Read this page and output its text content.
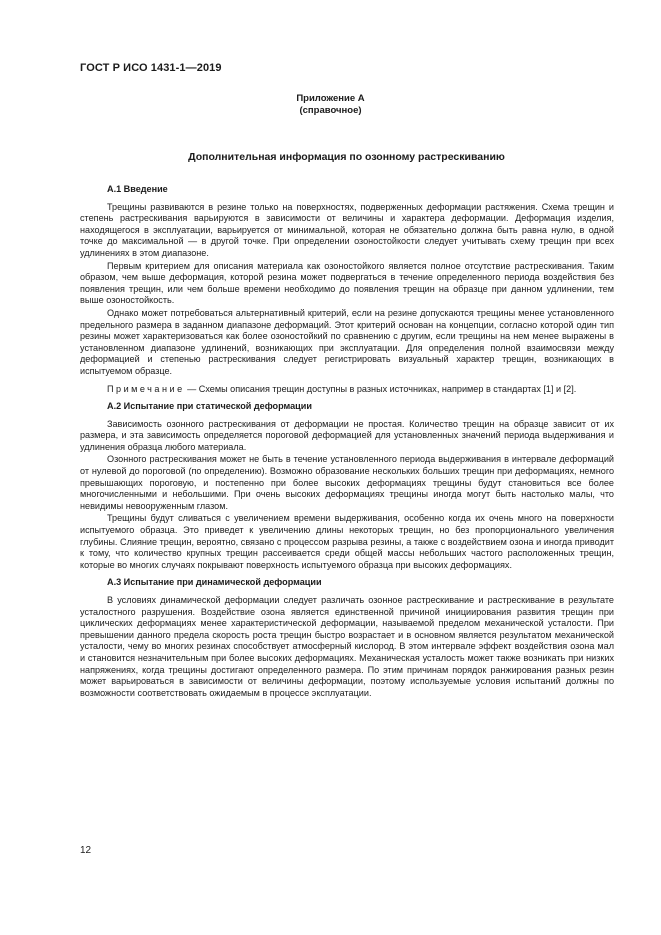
ГОСТ Р ИСО 1431-1—2019
Приложение А
(справочное)
Дополнительная информация по озонному растрескиванию
А.1 Введение

Трещины развиваются в резине только на поверхностях, подверженных деформации растяжения. Схема трещин и степень растрескивания варьируются в зависимости от величины и характера деформации. Деформация изделия, находящегося в эксплуатации, варьируется от минимальной, которая не обязательно должна быть равна нулю, в одной точке до максимальной — в другой точке. При определении озоностойкости следует учитывать схему трещин при всех удлинениях в этом диапазоне.

Первым критерием для описания материала как озоностойкого является полное отсутствие растрескивания. Таким образом, чем выше деформация, которой резина может подвергаться в течение определенного периода воздействия без появления трещин, или чем больше времени необходимо до появления трещин на образце при данном удлинении, тем выше озоностойкость.

Однако может потребоваться альтернативный критерий, если на резине допускаются трещины менее установленного предельного размера в заданном диапазоне деформаций. Этот критерий основан на концепции, согласно которой один тип резины может характеризоваться как более озоностойкий по сравнению с другим, если трещины на нем менее выражены в установленном диапазоне удлинений, возникающих при эксплуатации. Для определения полной взаимосвязи между деформацией и степенью растрескивания следует регистрировать визуальный характер трещин, возникающих в испытуемом образце.

Примечание — Схемы описания трещин доступны в разных источниках, например в стандартах [1] и [2].

А.2 Испытание при статической деформации

Зависимость озонного растрескивания от деформации не простая. Количество трещин на образце зависит от их размера, и эта зависимость определяется пороговой деформацией для установленных значений периода выдерживания и удлинения образца любого материала.

Озонного растрескивания может не быть в течение установленного периода выдерживания в интервале деформаций от нулевой до пороговой (по определению). Возможно образование нескольких больших трещин при деформациях, немного превышающих пороговую, и постепенно при более высоких деформациях трещины будут становиться все более многочисленными и небольшими. При очень высоких деформациях трещины иногда могут быть настолько малы, что невидимы невооруженным глазом.

Трещины будут сливаться с увеличением времени выдерживания, особенно когда их очень много на поверхности испытуемого образца. Это приведет к увеличению длины некоторых трещин, но без пропорционального увеличения глубины. Слияние трещин, вероятно, связано с процессом разрыва резины, а также с воздействием озона и иногда приводит к тому, что количество крупных трещин рассеивается среди общей массы небольших частого расположенных трещин, которые во многих случаях покрывают поверхность испытуемого образца при высоких деформациях.

А.3 Испытание при динамической деформации

В условиях динамической деформации следует различать озонное растрескивание и растрескивание в результате усталостного разрушения. Воздействие озона является единственной причиной инициирования развития трещин при циклических деформациях менее характеристической деформации, называемой пределом механической усталости. При превышении данного предела скорость роста трещин быстро возрастает и в основном является результатом механической усталости, чему во многих резинах способствует атмосферный кислород. В этом интервале эффект воздействия озона мал и становится незначительным при более высоких деформациях. Механическая усталость может также возникать при низких напряжениях, когда трещины достигают определенного размера. По этим причинам порядок ранжирования разных резин может варьироваться в зависимости от величины деформации, поэтому используемые условия испытаний должны по возможности соответствовать ожидаемым в процессе эксплуатации.

12
